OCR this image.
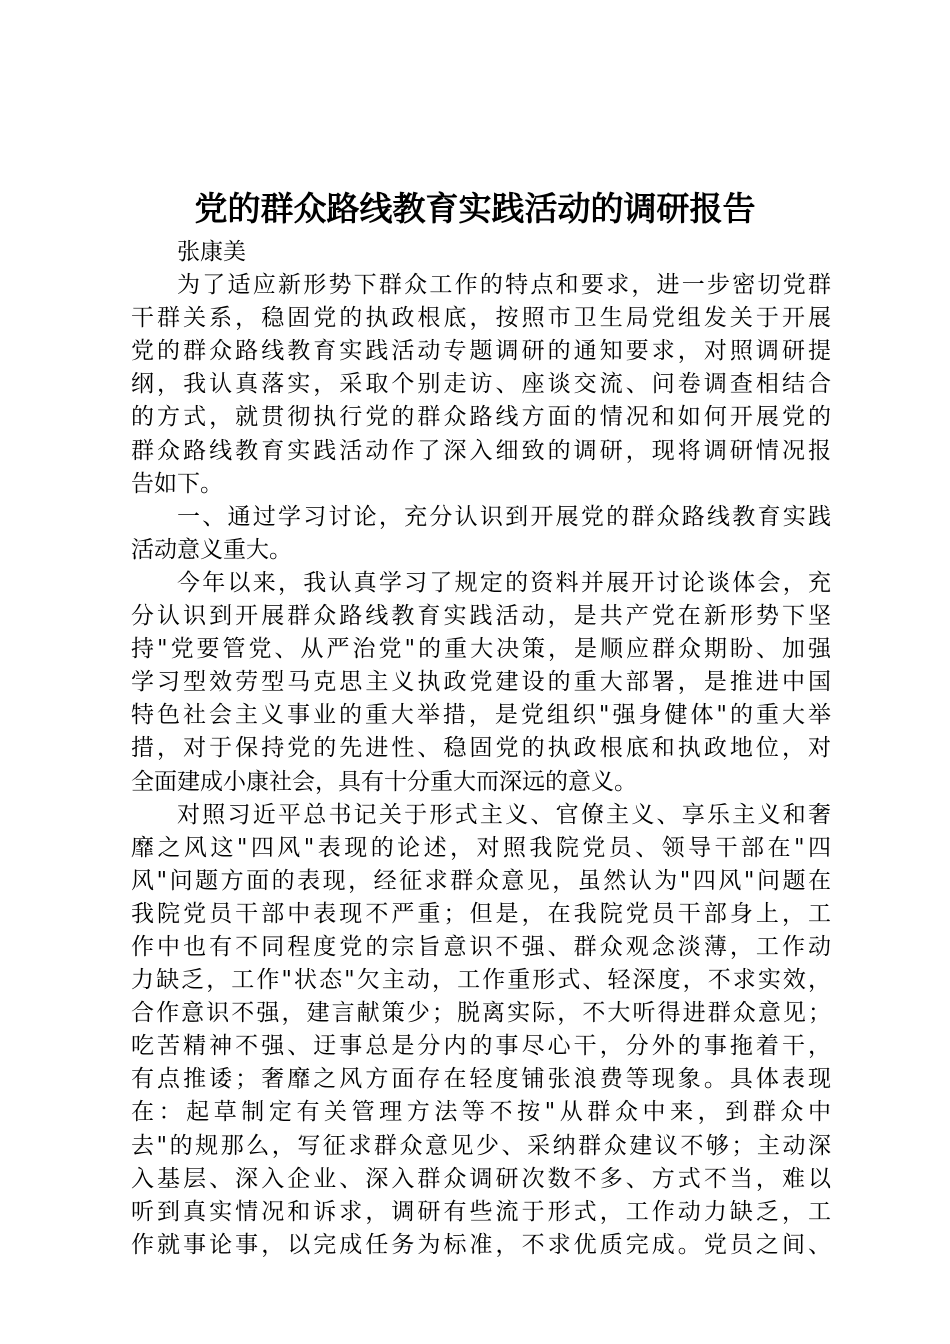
党的群众路线教育实践活动的调研报告
张康美
为了适应新形势下群众工作的特点和要求，进一步密切党群
干群关系，稳固党的执政根底，按照市卫生局党组发关于开展
党的群众路线教育实践活动专题调研的通知要求，对照调研提
纲，我认真落实，采取个别走访、座谈交流、问卷调查相结合
的方式，就贯彻执行党的群众路线方面的情况和如何开展党的
群众路线教育实践活动作了深入细致的调研，现将调研情况报
告如下。
一、通过学习讨论，充分认识到开展党的群众路线教育实践
活动意义重大。
今年以来，我认真学习了规定的资料并展开讨论谈体会，充
分认识到开展群众路线教育实践活动，是共产党在新形势下坚
持"党要管党、从严治党"的重大决策，是顺应群众期盼、加强
学习型效劳型马克思主义执政党建设的重大部署，是推进中国
特色社会主义事业的重大举措，是党组织"强身健体"的重大举
措，对于保持党的先进性、稳固党的执政根底和执政地位，对
全面建成小康社会，具有十分重大而深远的意义。
对照习近平总书记关于形式主义、官僚主义、享乐主义和奢
靡之风这"四风"表现的论述，对照我院党员、领导干部在"四
风"问题方面的表现，经征求群众意见，虽然认为"四风"问题在
我院党员干部中表现不严重；但是，在我院党员干部身上，工
作中也有不同程度党的宗旨意识不强、群众观念淡薄，工作动
力缺乏，工作"状态"欠主动，工作重形式、轻深度，不求实效，
合作意识不强，建言献策少；脱离实际，不大听得进群众意见；
吃苦精神不强、迂事总是分内的事尽心干，分外的事拖着干，
有点推诿；奢靡之风方面存在轻度铺张浪费等现象。具体表现
在：起草制定有关管理方法等不按"从群众中来，到群众中
去"的规那么，写征求群众意见少、采纳群众建议不够；主动深
入基层、深入企业、深入群众调研次数不多、方式不当，难以
听到真实情况和诉求，调研有些流于形式，工作动力缺乏，工
作就事论事，以完成任务为标准，不求优质完成。党员之间、
